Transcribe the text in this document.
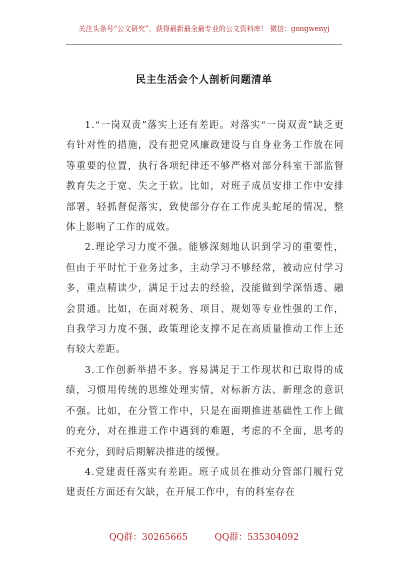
关注头条号“公文研究”，获得最新最全最专业的公文资料库！ 微信：gongwenyj
民主生活会个人剖析问题清单

1.“一岗双责”落实上还有差距。对落实“一岗双责”缺乏更有针对性的措施，没有把党风廉政建设与自身业务工作放在同等重要的位置，执行各项纪律还不够严格对部分科室干部监督教育失之于宽、失之于软。比如，对班子成员安排工作中安排部署，轻抓督促落实，致使部分存在工作虎头蛇尾的情况，整体上影响了工作的成效。

2.理论学习力度不强。能够深刻地认识到学习的重要性，但由于平时忙于业务过多，主动学习不够经常，被动应付学习多，重点精读少，满足于过去的经验，没能做到学深悟透、融会贯通。比如，在面对税务、项目、规划等专业性强的工作，自我学习力度不强，政策理论支撑不足在高质量推动工作上还有较大差距。

3.工作创新举措不多。容易满足于工作现状和已取得的成绩，习惯用传统的思维处理实情，对标新方法、新理念的意识不强。比如，在分管工作中，只是在面期推进基础性工作上做的充分，对在推进工作中遇到的难题，考虑的不全面，思考的不充分，到时后期解决推进的缓慢。

4.党建责任落实有差距。班子成员在推动分管部门履行党建责任方面还有欠缺，在开展工作中，有的科室存在

QQ群：30265665 QQ群：535304092
